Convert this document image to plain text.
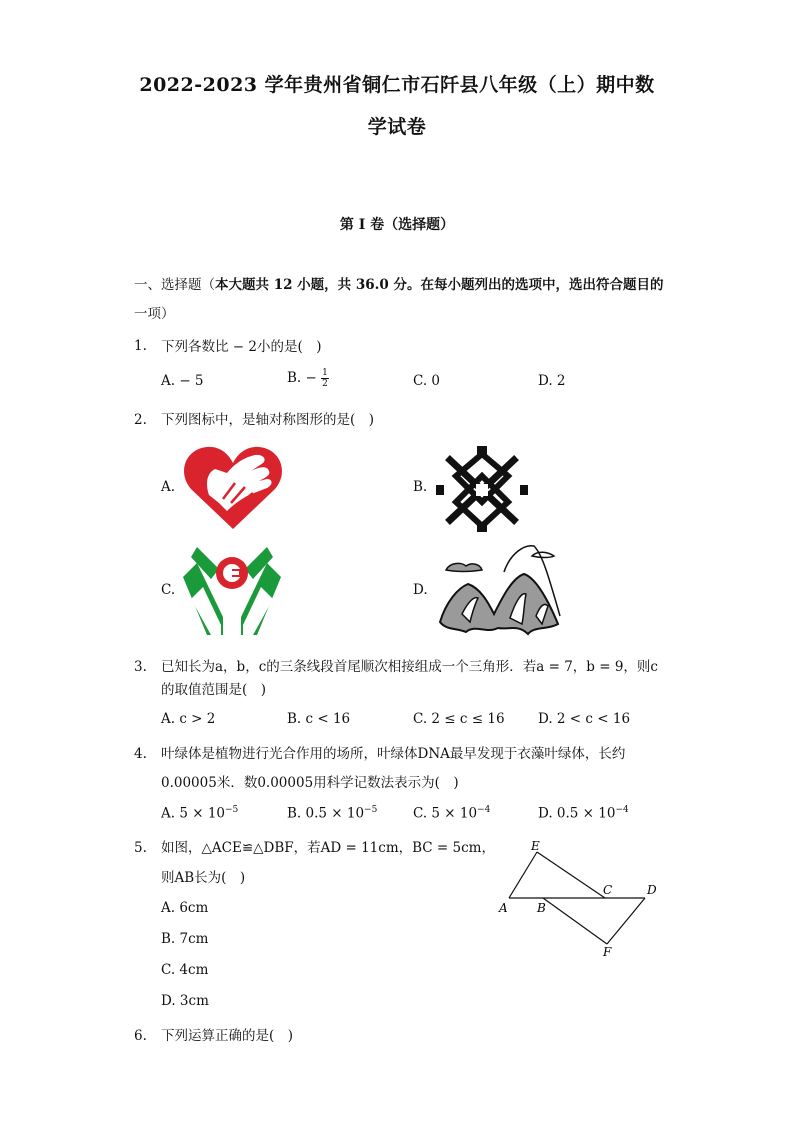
2022-2023 学年贵州省铜仁市石阡县八年级（上）期中数
学试卷
第 I 卷（选择题）
一、选择题（本大题共 12 小题，共 36.0 分。在每小题列出的选项中，选出符合题目的
一项）
1. 下列各数比 − 2小的是(　)
A. − 5	B. − $\frac{1}{2}$	C. 0	D. 2
2. 下列图标中，是轴对称图形的是(　)
A.	B.
C.	D.
3. 已知长为a，b，c的三条线段首尾顺次相接组成一个三角形．若a = 7，b = 9，则c
的取值范围是(　)
A. c > 2	B. c < 16	C. 2 ≤ c ≤ 16 D. 2 < c < 16
4. 叶绿体是植物进行光合作用的场所，叶绿体DNA最早发现于衣藻叶绿体，长约
0.00005米．数0.00005用科学记数法表示为(　)
A. $5 \times 10^{-5}$	B. $0.5 \times 10^{-5}$	C. $5 \times 10^{-4}$	D. $0.5 \times 10^{-4}$
5. 如图，△ACE≌△DBF，若AD = 11cm，BC = 5cm，
则AB长为(　)
A. 6cm
B. 7cm
C. 4cm
D. 3cm
E
A B
C	D
F
6. 下列运算正确的是(　)
